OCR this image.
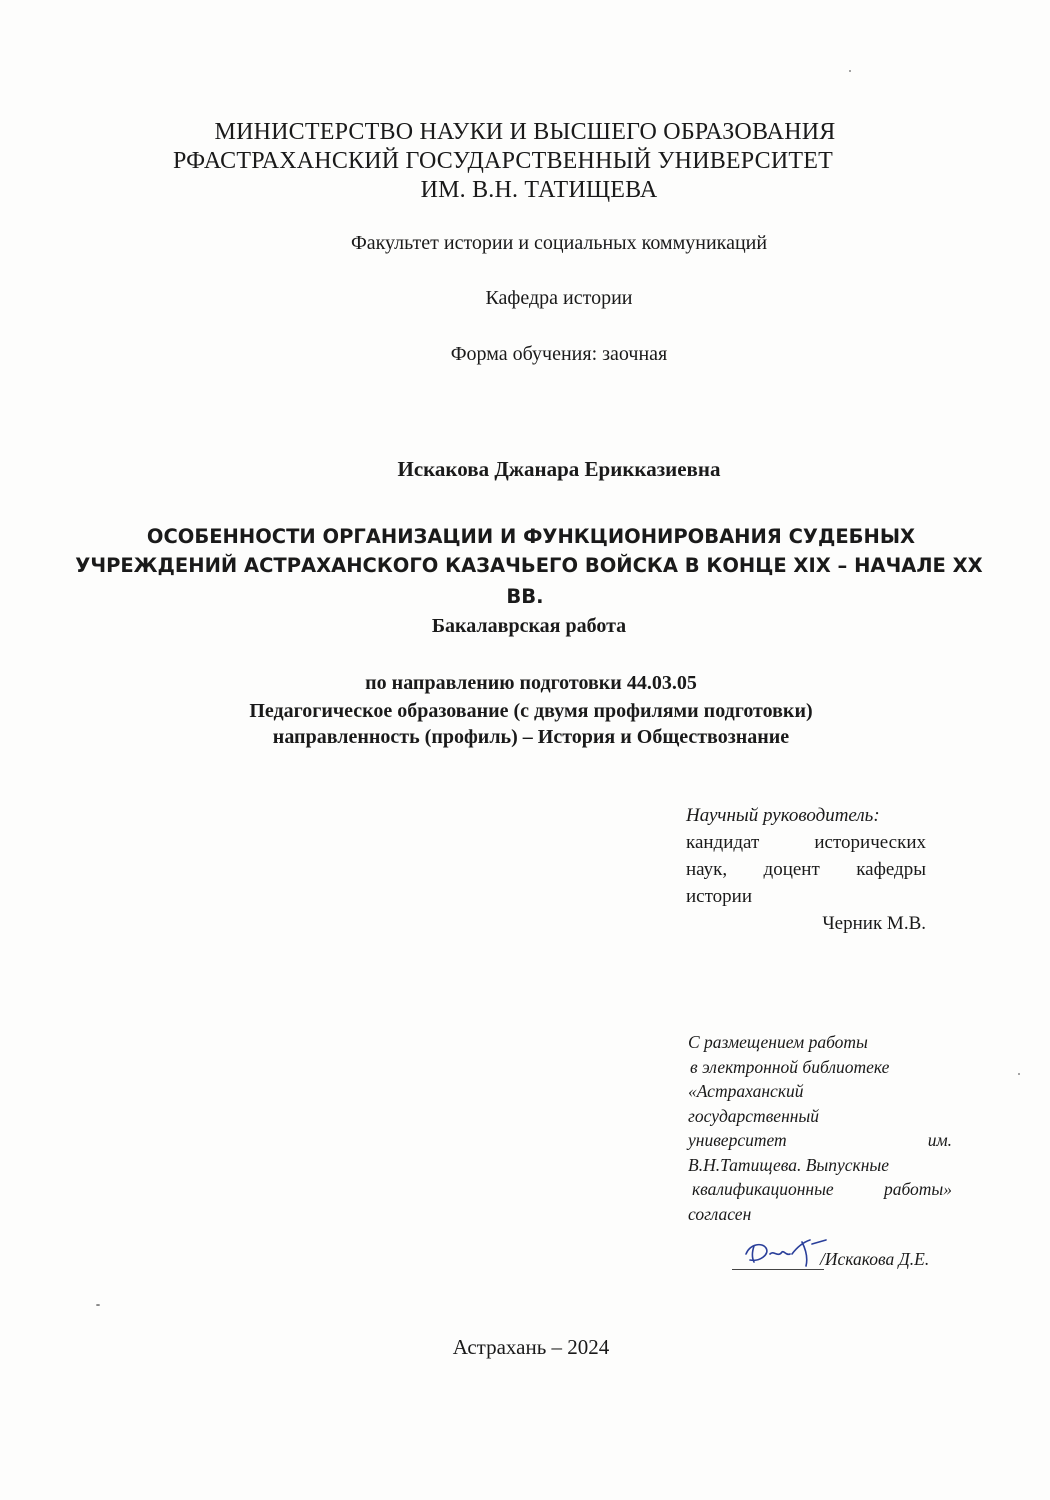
МИНИСТЕРСТВО НАУКИ И ВЫСШЕГО ОБРАЗОВАНИЯ
РФАСТРАХАНСКИЙ ГОСУДАРСТВЕННЫЙ УНИВЕРСИТЕТ
ИМ. В.Н. ТАТИЩЕВА
Факультет истории и социальных коммуникаций
Кафедра истории
Форма обучения: заочная
Искакова Джанара Ерикказиевна
ОСОБЕННОСТИ ОРГАНИЗАЦИИ И ФУНКЦИОНИРОВАНИЯ СУДЕБНЫХ
УЧРЕЖДЕНИЙ АСТРАХАНСКОГО КАЗАЧЬЕГО ВОЙСКА В КОНЦЕ XIX – НАЧАЛЕ XX
ВВ.
Бакалаврская работа
по направлению подготовки 44.03.05
Педагогическое образование (с двумя профилями подготовки)
направленность (профиль) – История и Обществознание
Научный руководитель:
кандидат	исторических
наук, доцент кафедры
истории
Черник М.В.
С размещением работы
в электронной библиотеке
«Астраханский
государственный
университет	им.
В.Н.Татищева. Выпускные
квалификационные	работы»
согласен
/Искакова Д.Е.
Астрахань – 2024
